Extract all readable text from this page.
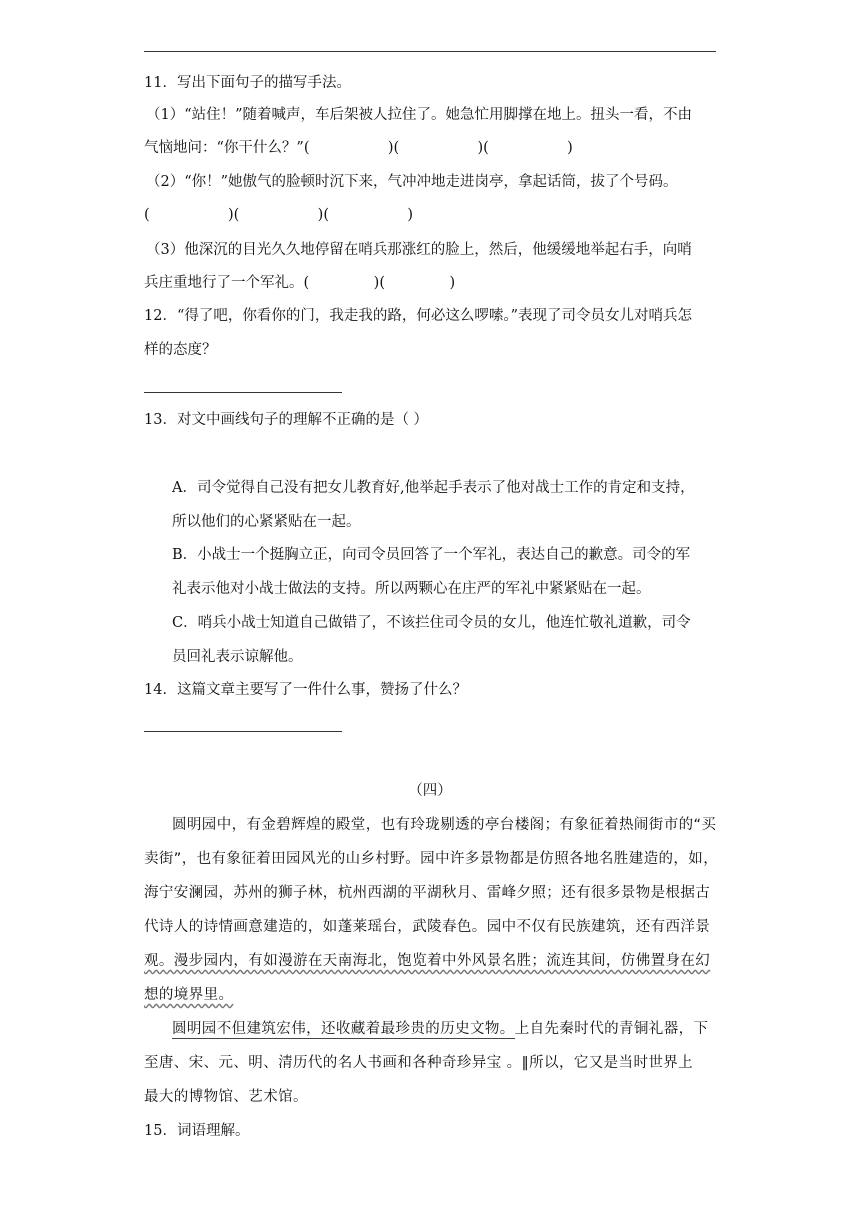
11．写出下面句子的描写手法。
（1）“站住！”随着喊声，车后架被人拉住了。她急忙用脚撑在地上。扭头一看，不由
气恼地问：“你干什么？”(                 )(                 )(                 )
（2）“你！”她傲气的脸顿时沉下来，气冲冲地走进岗亭，拿起话筒，拔了个号码。
(                 )(                 )(                 )
（3）他深沉的目光久久地停留在哨兵那涨红的脸上，然后，他缓缓地举起右手，向哨
兵庄重地行了一个军礼。(              )(              )
12．“得了吧，你看你的门，我走我的路，何必这么啰嗦。”表现了司令员女儿对哨兵怎
样的态度？
13．对文中画线句子的理解不正确的是（ ）
A．司令觉得自己没有把女儿教育好,他举起手表示了他对战士工作的肯定和支持，
所以他们的心紧紧贴在一起。
B．小战士一个挺胸立正，向司令员回答了一个军礼，表达自己的歉意。司令的军
礼表示他对小战士做法的支持。所以两颗心在庄严的军礼中紧紧贴在一起。
C．哨兵小战士知道自己做错了，不该拦住司令员的女儿，他连忙敬礼道歉，司令
员回礼表示谅解他。
14．这篇文章主要写了一件什么事，赞扬了什么？
（四）
圆明园中，有金碧辉煌的殿堂，也有玲珑剔透的亭台楼阁；有象征着热闹街市的“买
卖街”，也有象征着田园风光的山乡村野。园中许多景物都是仿照各地名胜建造的，如，
海宁安澜园，苏州的狮子林，杭州西湖的平湖秋月、雷峰夕照；还有很多景物是根据古
代诗人的诗情画意建造的，如蓬莱瑶台，武陵春色。园中不仅有民族建筑，还有西洋景
观。漫步园内，有如漫游在天南海北，饱览着中外风景名胜；流连其间，仿佛置身在幻
想的境界里。
圆明园不但建筑宏伟，还收藏着最珍贵的历史文物。上自先秦时代的青铜礼器，下
至唐、宋、元、明、清历代的名人书画和各种奇珍异宝 。‖所以，它又是当时世界上
最大的博物馆、艺术馆。
15．词语理解。
